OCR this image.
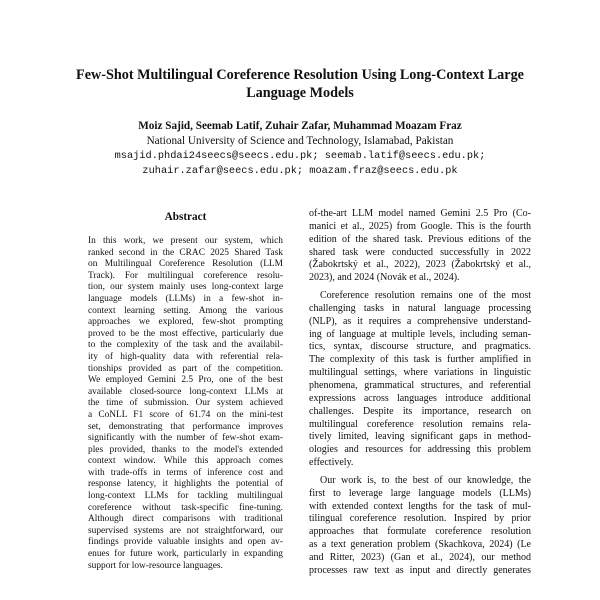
Few-Shot Multilingual Coreference Resolution Using Long-Context Large
Language Models
Moiz Sajid, Seemab Latif, Zuhair Zafar, Muhammad Moazam Fraz
National University of Science and Technology, Islamabad, Pakistan
msajid.phdai24seecs@seecs.edu.pk; seemab.latif@seecs.edu.pk;
zuhair.zafar@seecs.edu.pk; moazam.fraz@seecs.edu.pk
Abstract
In this work, we present our system, which
ranked second in the CRAC 2025 Shared Task
on Multilingual Coreference Resolution (LLM
Track). For multilingual coreference resolu-
tion, our system mainly uses long-context large
language models (LLMs) in a few-shot in-
context learning setting. Among the various
approaches we explored, few-shot prompting
proved to be the most effective, particularly due
to the complexity of the task and the availabil-
ity of high-quality data with referential rela-
tionships provided as part of the competition.
We employed Gemini 2.5 Pro, one of the best
available closed-source long-context LLMs at
the time of submission. Our system achieved
a CoNLL F1 score of 61.74 on the mini-test
set, demonstrating that performance improves
significantly with the number of few-shot exam-
ples provided, thanks to the model's extended
context window. While this approach comes
with trade-offs in terms of inference cost and
response latency, it highlights the potential of
long-context LLMs for tackling multilingual
coreference without task-specific fine-tuning.
Although direct comparisons with traditional
supervised systems are not straightforward, our
findings provide valuable insights and open av-
enues for future work, particularly in expanding
support for low-resource languages.
of-the-art LLM model named Gemini 2.5 Pro (Co-
manici et al., 2025) from Google. This is the fourth
edition of the shared task. Previous editions of the
shared task were conducted successfully in 2022
(Žabokrtský et al., 2022), 2023 (Žabokrtský et al.,
2023), and 2024 (Novák et al., 2024).
Coreference resolution remains one of the most
challenging tasks in natural language processing
(NLP), as it requires a comprehensive understand-
ing of language at multiple levels, including seman-
tics, syntax, discourse structure, and pragmatics.
The complexity of this task is further amplified in
multilingual settings, where variations in linguistic
phenomena, grammatical structures, and referential
expressions across languages introduce additional
challenges. Despite its importance, research on
multilingual coreference resolution remains rela-
tively limited, leaving significant gaps in method-
ologies and resources for addressing this problem
effectively.
Our work is, to the best of our knowledge, the
first to leverage large language models (LLMs)
with extended context lengths for the task of mul-
tilingual coreference resolution. Inspired by prior
approaches that formulate coreference resolution
as a text generation problem (Skachkova, 2024) (Le
and Ritter, 2023) (Gan et al., 2024), our method
processes raw text as input and directly generates
